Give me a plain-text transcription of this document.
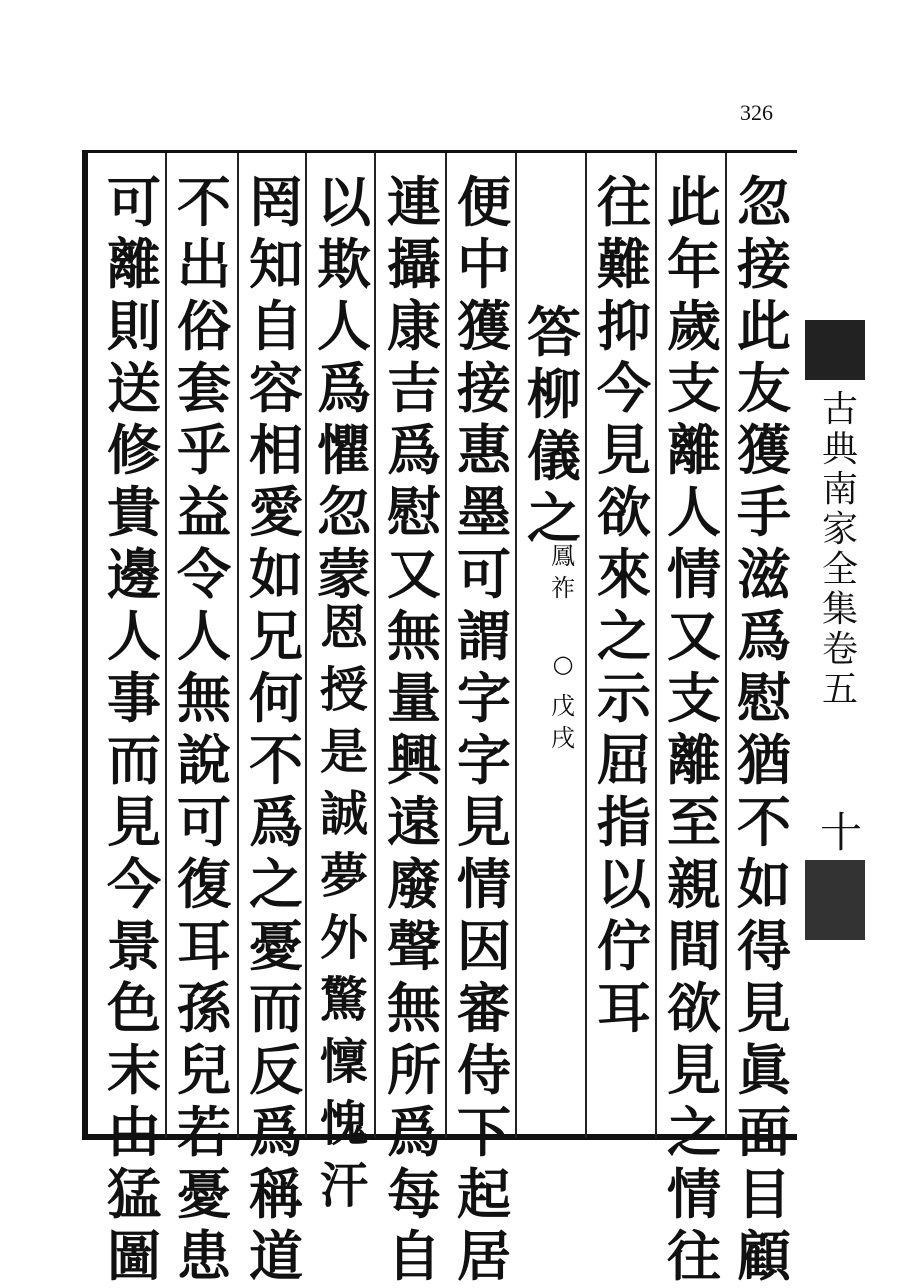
326
忽
接
此
友
獲
手
滋
爲
慰
猶
不
如
得
見
眞
面
目
顧
此
年
歲
支
離
人
情
又
支
離
至
親
間
欲
見
之
情
往
往
難
抑
今
見
欲
來
之
示
屈
指
以
佇
耳
答
柳
儀
之
便
中
獲
接
惠
墨
可
謂
字
字
見
情
因
審
侍
下
起
居
連
攝
康
吉
爲
慰
又
無
量
興
遠
廢
聲
無
所
爲
每
自
以
欺
人
爲
懼
忽
蒙
恩
授
是
誠
夢
外
驚
懍
愧
汗
罔
知
自
容
相
愛
如
兄
何
不
爲
之
憂
而
反
爲
稱
道
不
出
俗
套
乎
益
令
人
無
說
可
復
耳
孫
兒
若
憂
患
可
離
則
送
修
貴
邊
人
事
而
見
今
景
色
末
由
猛
圖
鳳
祚
○
戊
戌
古
典
南
家
全
集
卷
五
十
